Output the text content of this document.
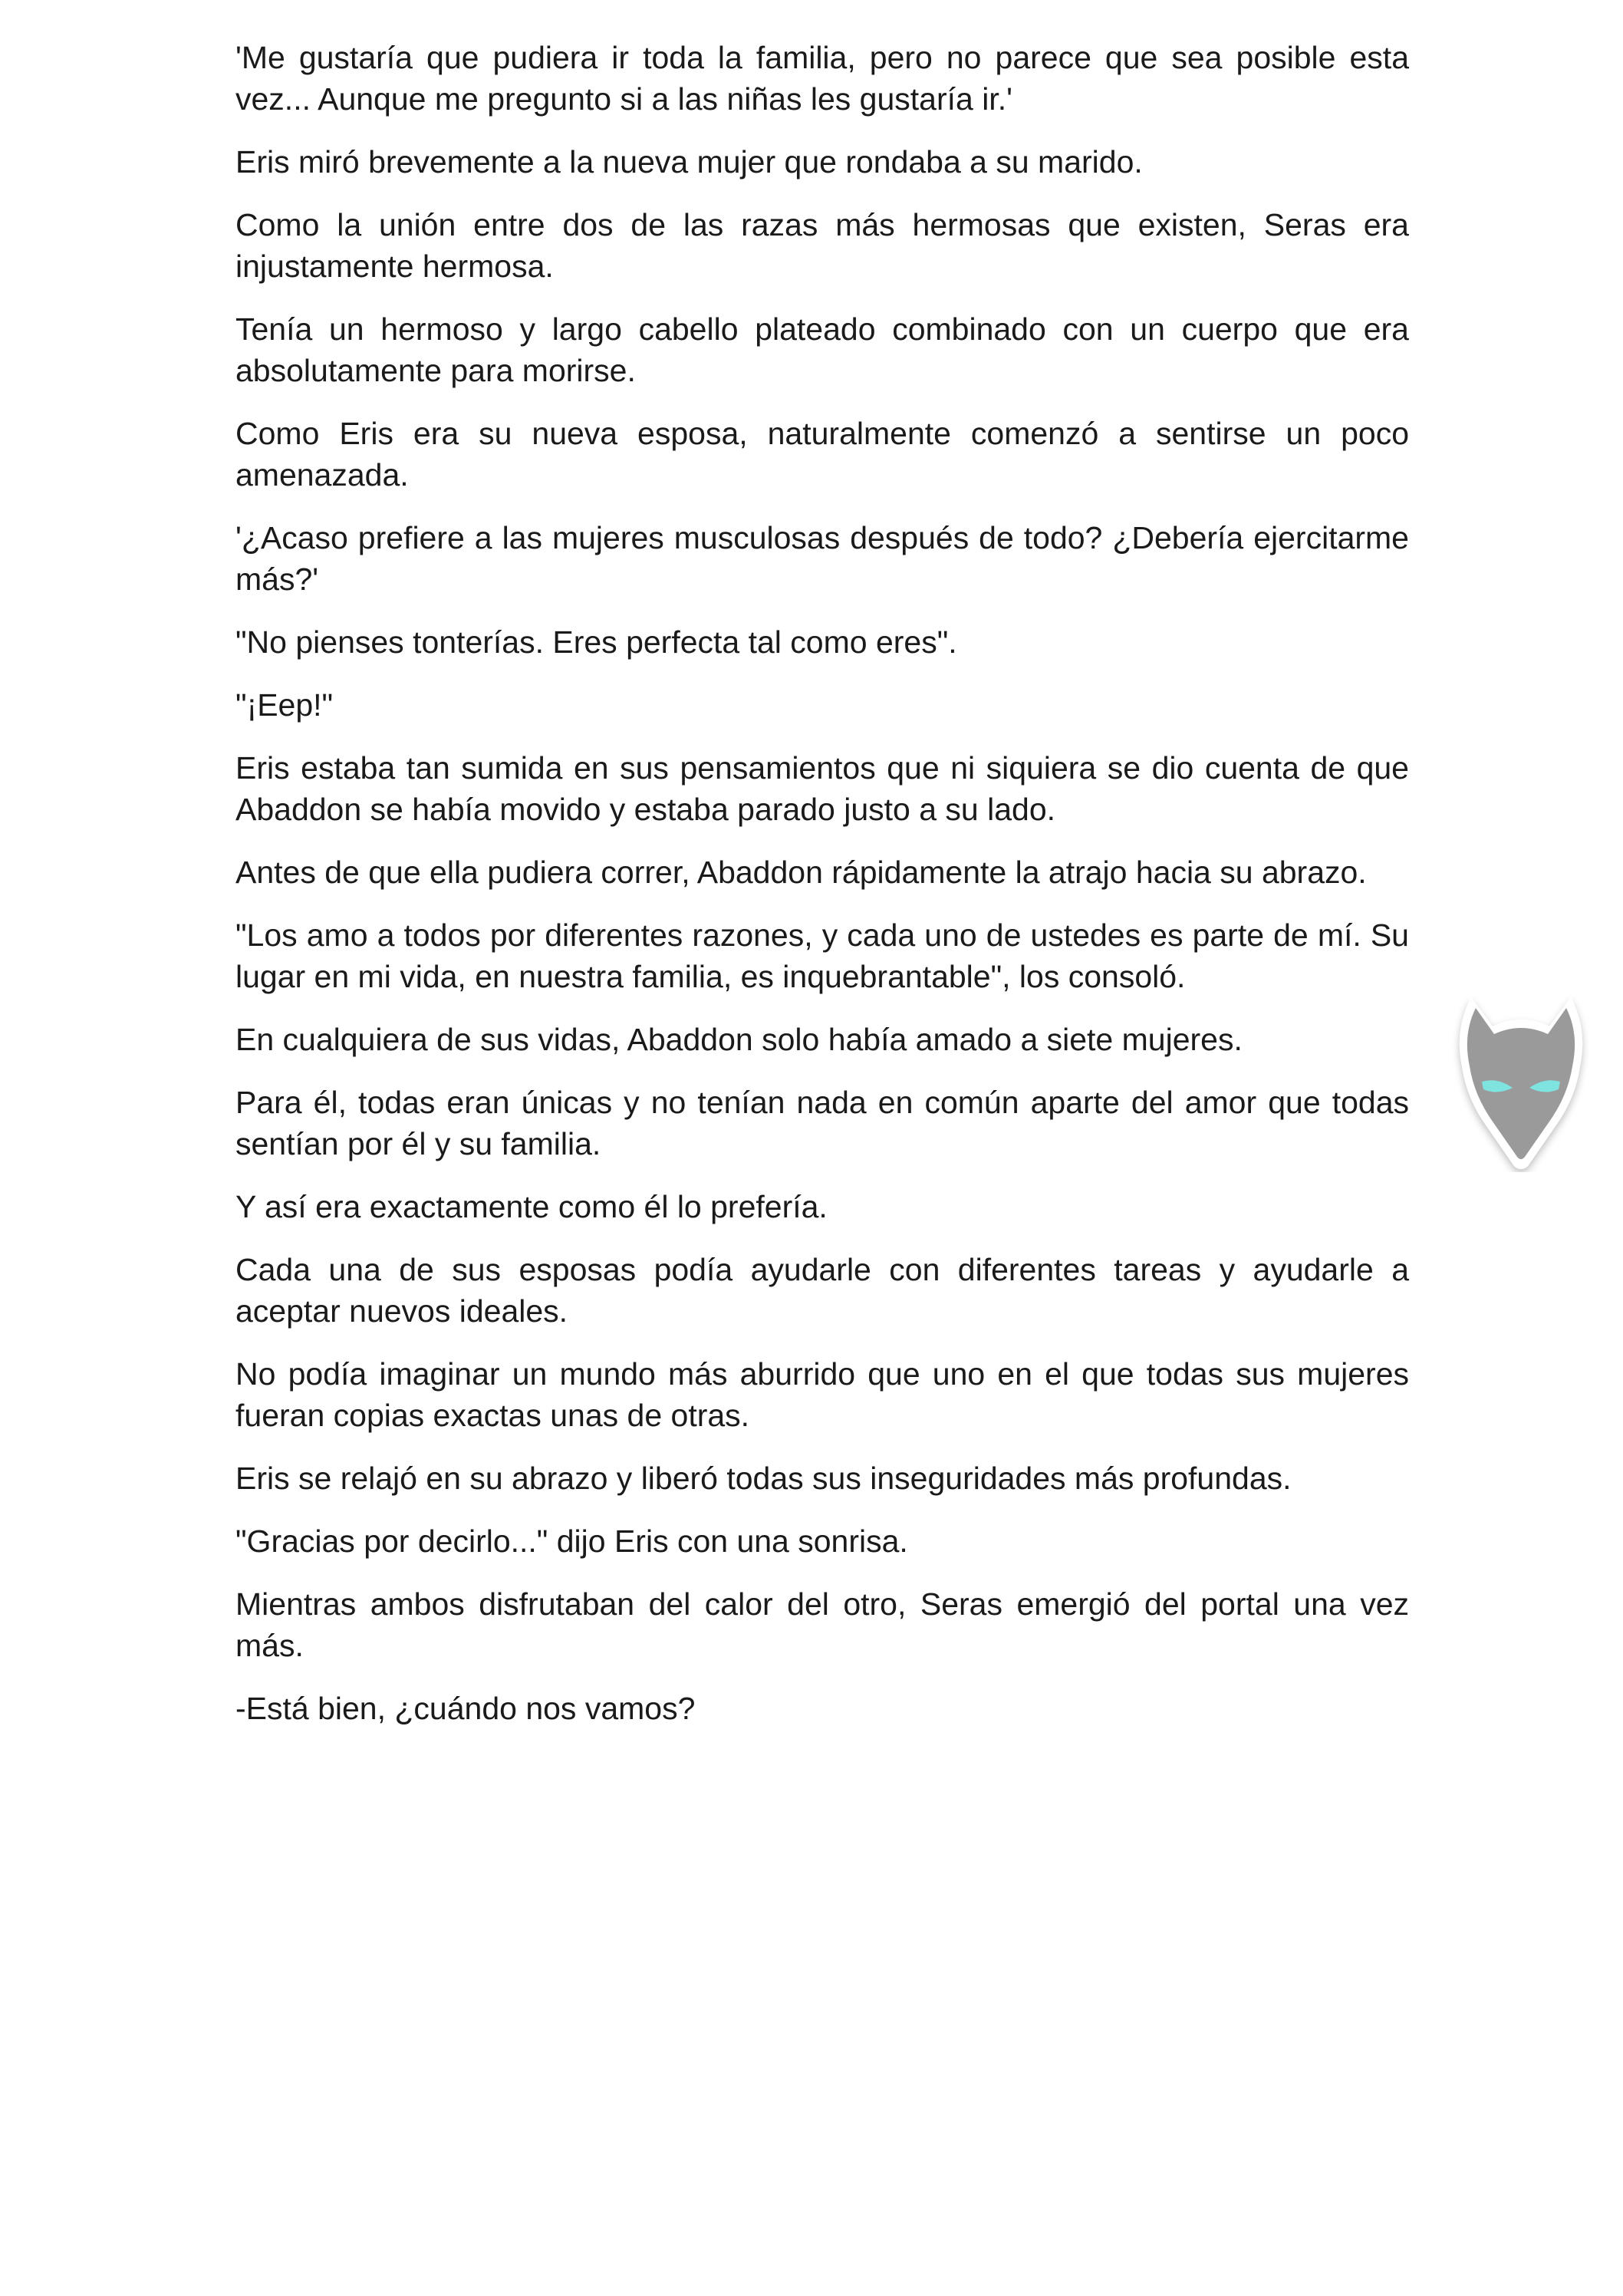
'Me gustaría que pudiera ir toda la familia, pero no parece que sea posible esta vez... Aunque me pregunto si a las niñas les gustaría ir.'

Eris miró brevemente a la nueva mujer que rondaba a su marido.

Como la unión entre dos de las razas más hermosas que existen, Seras era injustamente hermosa.

Tenía un hermoso y largo cabello plateado combinado con un cuerpo que era absolutamente para morirse.

Como Eris era su nueva esposa, naturalmente comenzó a sentirse un poco amenazada.

'¿Acaso prefiere a las mujeres musculosas después de todo? ¿Debería ejercitarme más?'

"No pienses tonterías. Eres perfecta tal como eres".

"¡Eep!"

Eris estaba tan sumida en sus pensamientos que ni siquiera se dio cuenta de que Abaddon se había movido y estaba parado justo a su lado.

Antes de que ella pudiera correr, Abaddon rápidamente la atrajo hacia su abrazo.

"Los amo a todos por diferentes razones, y cada uno de ustedes es parte de mí. Su lugar en mi vida, en nuestra familia, es inquebrantable", los consoló.

En cualquiera de sus vidas, Abaddon solo había amado a siete mujeres.

Para él, todas eran únicas y no tenían nada en común aparte del amor que todas sentían por él y su familia.

Y así era exactamente como él lo prefería.

Cada una de sus esposas podía ayudarle con diferentes tareas y ayudarle a aceptar nuevos ideales.

No podía imaginar un mundo más aburrido que uno en el que todas sus mujeres fueran copias exactas unas de otras.

Eris se relajó en su abrazo y liberó todas sus inseguridades más profundas.

"Gracias por decirlo..." dijo Eris con una sonrisa.

Mientras ambos disfrutaban del calor del otro, Seras emergió del portal una vez más.

-Está bien, ¿cuándo nos vamos?
